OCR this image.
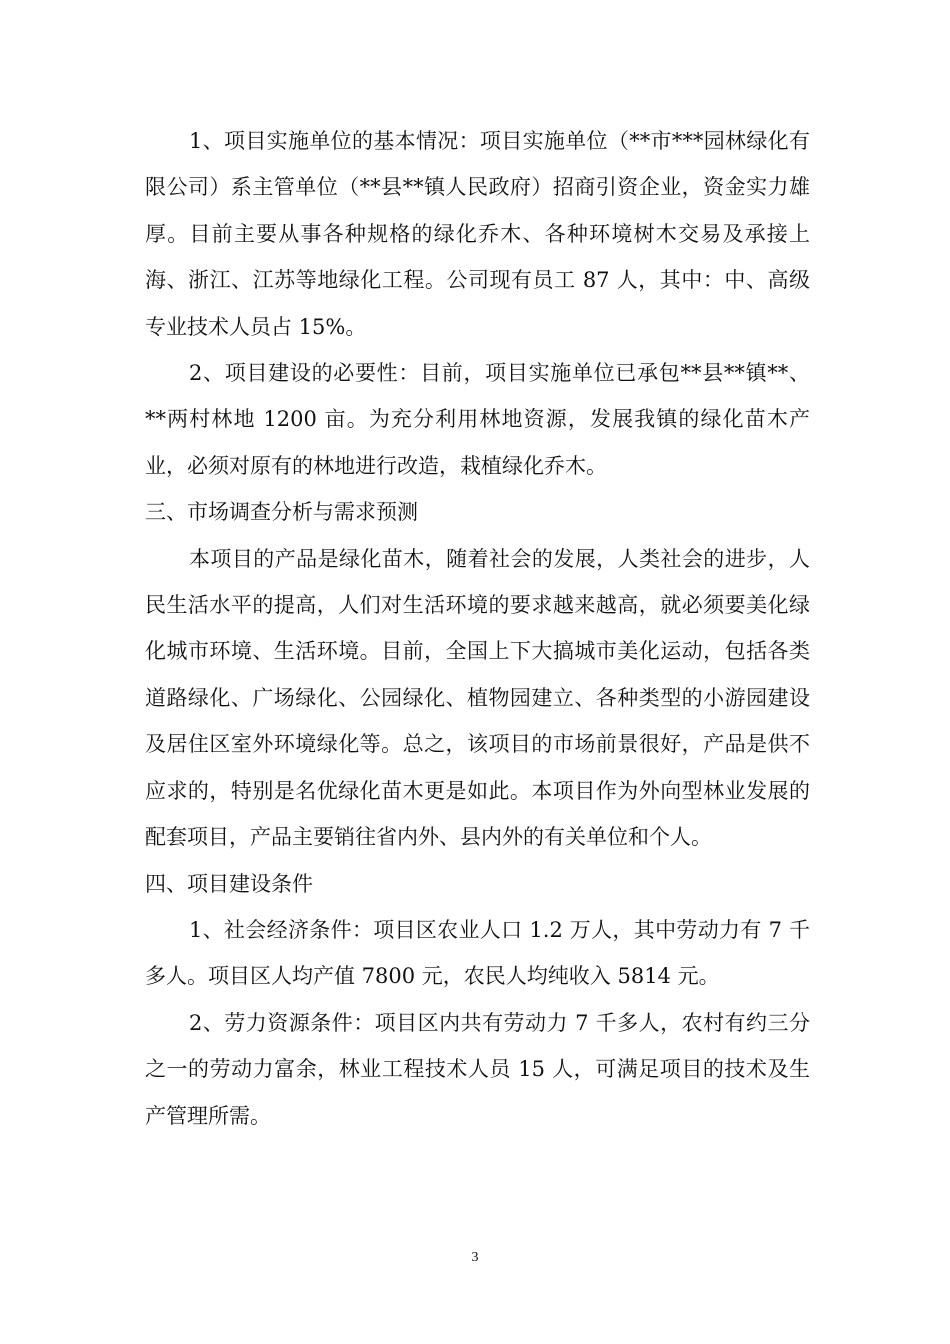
1、项目实施单位的基本情况：项目实施单位（**市***园林绿化有限公司）系主管单位（**县**镇人民政府）招商引资企业，资金实力雄厚。目前主要从事各种规格的绿化乔木、各种环境树木交易及承接上海、浙江、江苏等地绿化工程。公司现有员工 87 人，其中：中、高级专业技术人员占 15%。

2、项目建设的必要性：目前，项目实施单位已承包**县**镇**、**两村林地 1200 亩。为充分利用林地资源，发展我镇的绿化苗木产业，必须对原有的林地进行改造，栽植绿化乔木。

三、市场调查分析与需求预测

本项目的产品是绿化苗木，随着社会的发展，人类社会的进步，人民生活水平的提高，人们对生活环境的要求越来越高，就必须要美化绿化城市环境、生活环境。目前，全国上下大搞城市美化运动，包括各类道路绿化、广场绿化、公园绿化、植物园建立、各种类型的小游园建设及居住区室外环境绿化等。总之，该项目的市场前景很好，产品是供不应求的，特别是名优绿化苗木更是如此。本项目作为外向型林业发展的配套项目，产品主要销往省内外、县内外的有关单位和个人。

四、项目建设条件

1、社会经济条件：项目区农业人口 1.2 万人，其中劳动力有 7 千多人。项目区人均产值 7800 元，农民人均纯收入 5814 元。

2、劳力资源条件：项目区内共有劳动力 7 千多人，农村有约三分之一的劳动力富余，林业工程技术人员 15 人，可满足项目的技术及生产管理所需。

3
